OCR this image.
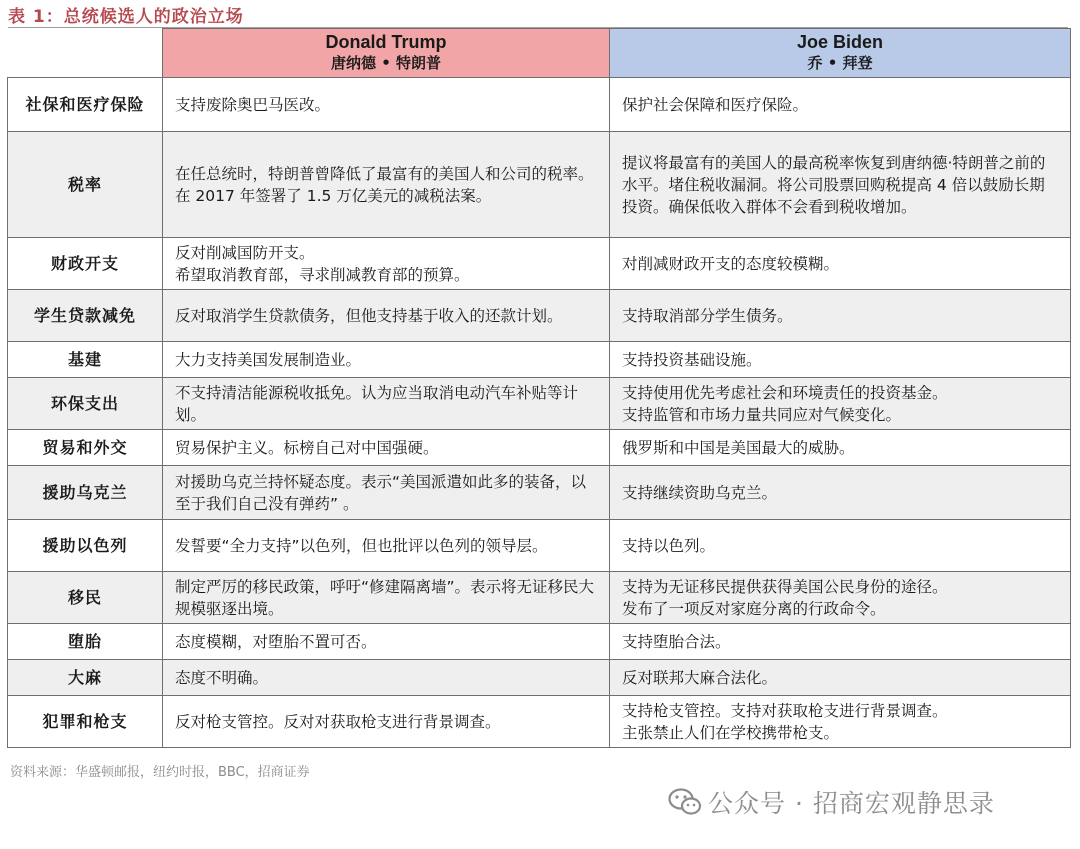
表 1：总统候选人的政治立场

	Donald Trump
唐纳德 • 特朗普	Joe Biden
乔 • 拜登

社保和医疗保险	支持废除奥巴马医改。	保护社会保障和医疗保险。

税率	在任总统时，特朗普曾降低了最富有的美国人和公司的税率。
在 2017 年签署了 1.5 万亿美元的减税法案。	提议将最富有的美国人的最高税率恢复到唐纳德·特朗普之前的水平。堵住税收漏洞。将公司股票回购税提高 4 倍以鼓励长期投资。确保低收入群体不会看到税收增加。

财政开支	反对削减国防开支。
希望取消教育部，寻求削减教育部的预算。	对削减财政开支的态度较模糊。

学生贷款减免	反对取消学生贷款债务，但他支持基于收入的还款计划。	支持取消部分学生债务。

基建	大力支持美国发展制造业。	支持投资基础设施。

环保支出	不支持清洁能源税收抵免。认为应当取消电动汽车补贴等计划。	支持使用优先考虑社会和环境责任的投资基金。
支持监管和市场力量共同应对气候变化。

贸易和外交	贸易保护主义。标榜自己对中国强硬。	俄罗斯和中国是美国最大的威胁。

援助乌克兰	对援助乌克兰持怀疑态度。表示“美国派遣如此多的装备，以至于我们自己没有弹药” 。	支持继续资助乌克兰。

援助以色列	发誓要“全力支持”以色列，但也批评以色列的领导层。	支持以色列。

移民	制定严厉的移民政策，呼吁“修建隔离墙”。表示将无证移民大规模驱逐出境。	支持为无证移民提供获得美国公民身份的途径。
发布了一项反对家庭分离的行政命令。

堕胎	态度模糊，对堕胎不置可否。	支持堕胎合法。

大麻	态度不明确。	反对联邦大麻合法化。

犯罪和枪支	反对枪支管控。反对对获取枪支进行背景调查。	支持枪支管控。支持对获取枪支进行背景调查。
主张禁止人们在学校携带枪支。
资料来源：华盛顿邮报，纽约时报，BBC，招商证券
公众号 · 招商宏观静思录
